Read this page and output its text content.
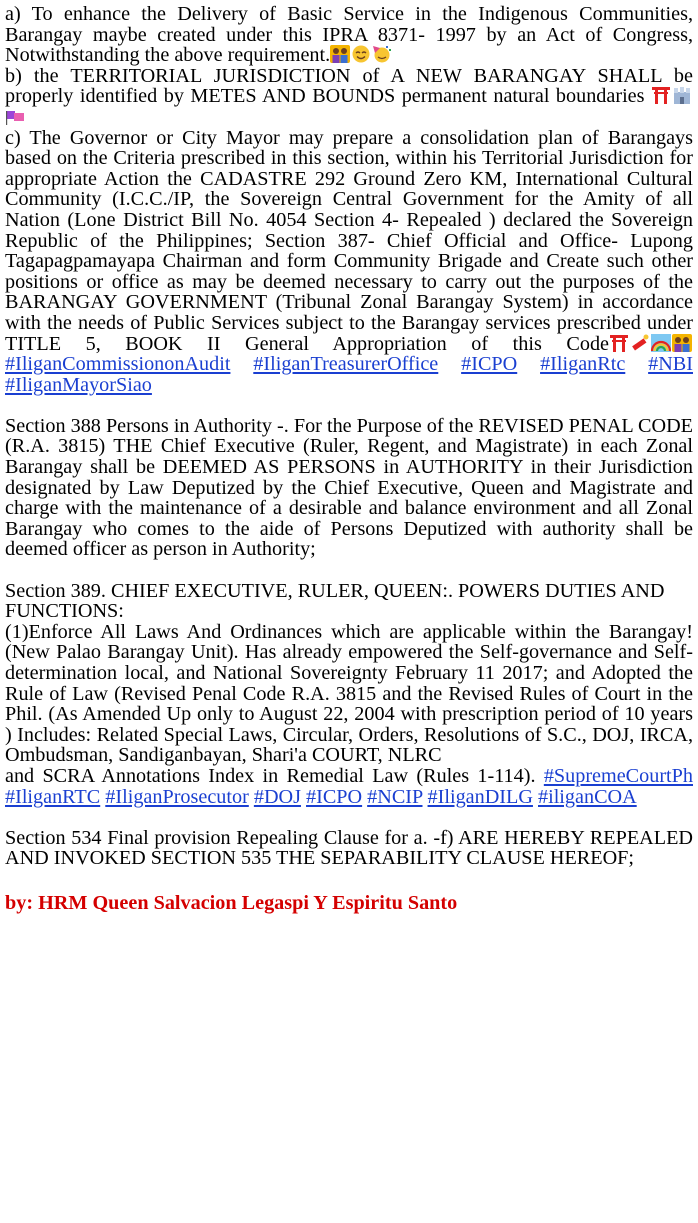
a) To enhance the Delivery of Basic Service in the Indigenous Communities, Barangay maybe created under this IPRA 8371- 1997 by an Act of Congress, Notwithstanding the above requirement.

b) the TERRITORIAL JURISDICTION of A NEW BARANGAY SHALL be properly identified by METES AND BOUNDS permanent natural boundaries

c) The Governor or City Mayor may prepare a consolidation plan of Barangays based on the Criteria prescribed in this section, within his Territorial Jurisdiction for appropriate Action the CADASTRE 292 Ground Zero KM, International Cultural Community (I.C.C./IP, the Sovereign Central Government for the Amity of all Nation (Lone District Bill No. 4054 Section 4- Repealed ) declared the Sovereign Republic of the Philippines; Section 387- Chief Official and Office- Lupong Tagapagpamayapa Chairman and form Community Brigade and Create such other positions or office as may be deemed necessary to carry out the purposes of the BARANGAY GOVERNMENT (Tribunal Zonal Barangay System) in accordance with the needs of Public Services subject to the Barangay services prescribed under TITLE 5, BOOK II General Appropriation of this Code #IliganCommissiononAudit #IliganTreasurerOffice #ICPO #IliganRtc #NBI #IliganMayorSiao

Section 388 Persons in Authority -. For the Purpose of the REVISED PENAL CODE (R.A. 3815) THE Chief Executive (Ruler, Regent, and Magistrate) in each Zonal Barangay shall be DEEMED AS PERSONS in AUTHORITY in their Jurisdiction designated by Law Deputized by the Chief Executive, Queen and Magistrate and charge with the maintenance of a desirable and balance environment and all Zonal Barangay who comes to the aide of Persons Deputized with authority shall be deemed officer as person in Authority;

Section 389. CHIEF EXECUTIVE, RULER, QUEEN:. POWERS DUTIES AND FUNCTIONS:

(1)Enforce All Laws And Ordinances which are applicable within the Barangay! (New Palao Barangay Unit). Has already empowered the Self-governance and Self-determination local, and National Sovereignty February 11 2017; and Adopted the Rule of Law (Revised Penal Code R.A. 3815 and the Revised Rules of Court in the Phil. (As Amended Up only to August 22, 2004 with prescription period of 10 years ) Includes: Related Special Laws, Circular, Orders, Resolutions of S.C., DOJ, IRCA, Ombudsman, Sandiganbayan, Shari'a COURT, NLRC

and SCRA Annotations Index in Remedial Law (Rules 1-114). #SupremeCourtPh #IliganRTC #IliganProsecutor #DOJ #ICPO #NCIP #IliganDILG #iliganCOA

Section 534 Final provision Repealing Clause for a. -f) ARE HEREBY REPEALED AND INVOKED SECTION 535 THE SEPARABILITY CLAUSE HEREOF;

by: HRM Queen Salvacion Legaspi Y Espiritu Santo
